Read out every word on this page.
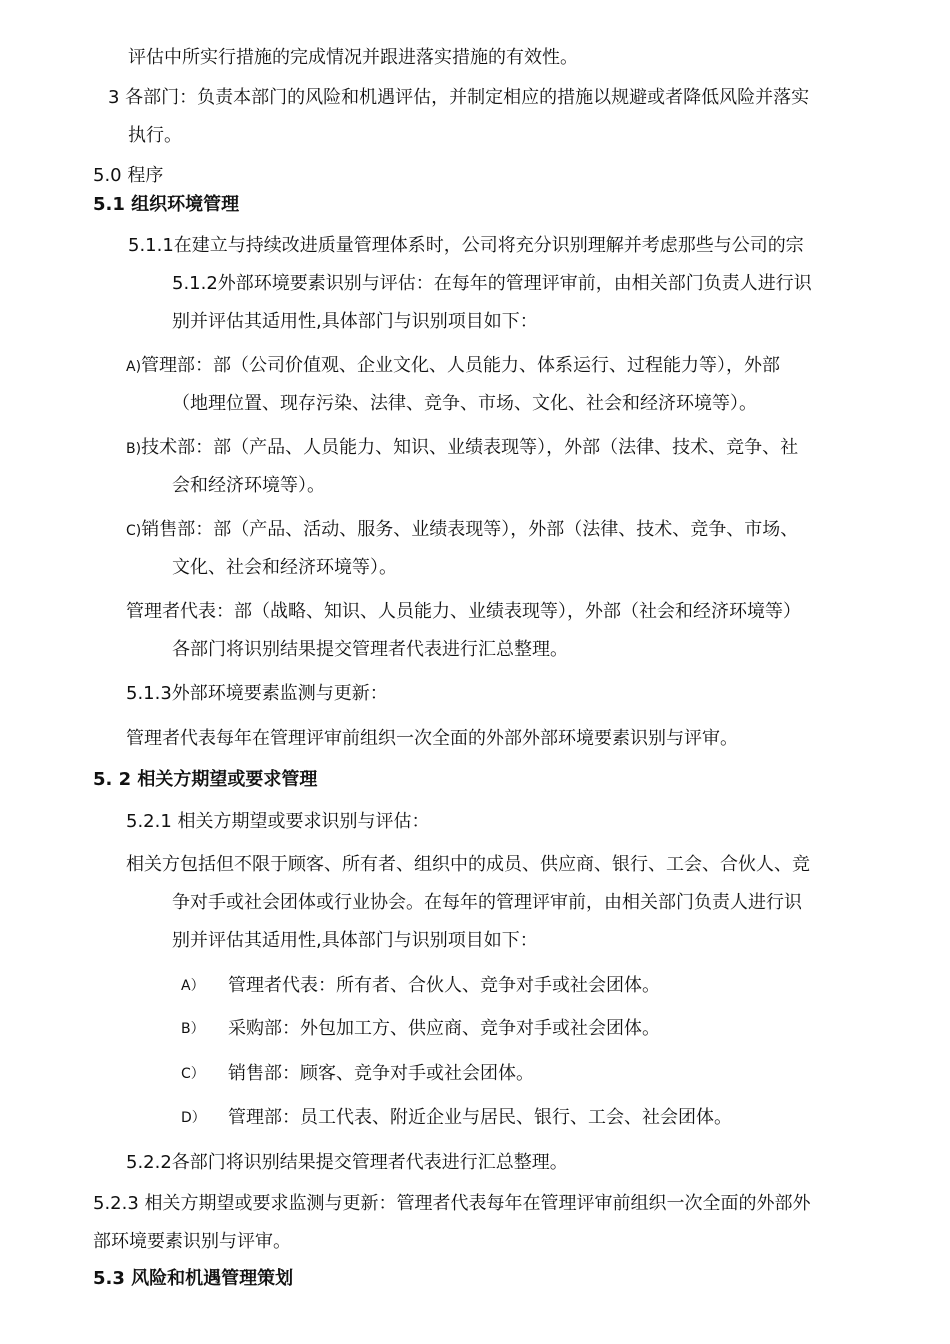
评估中所实行措施的完成情况并跟进落实措施的有效性。
3 各部门：负责本部门的风险和机遇评估，并制定相应的措施以规避或者降低风险并落实
执行。
5.0 程序
5.1 组织环境管理
5.1.1在建立与持续改进质量管理体系时，公司将充分识别理解并考虑那些与公司的宗
5.1.2外部环境要素识别与评估：在每年的管理评审前，由相关部门负责人进行识
别并评估其适用性,具体部门与识别项目如下：
A)管理部：部（公司价值观、企业文化、人员能力、体系运行、过程能力等），外部
（地理位置、现存污染、法律、竞争、市场、文化、社会和经济环境等）。
B)技术部：部（产品、人员能力、知识、业绩表现等），外部（法律、技术、竞争、社
会和经济环境等）。
C)销售部：部（产品、活动、服务、业绩表现等），外部（法律、技术、竞争、市场、
文化、社会和经济环境等）。
管理者代表：部（战略、知识、人员能力、业绩表现等），外部（社会和经济环境等）
各部门将识别结果提交管理者代表进行汇总整理。
5.1.3外部环境要素监测与更新：
管理者代表每年在管理评审前组织一次全面的外部外部环境要素识别与评审。
5. 2 相关方期望或要求管理
5.2.1 相关方期望或要求识别与评估：
相关方包括但不限于顾客、所有者、组织中的成员、供应商、银行、工会、合伙人、竞
争对手或社会团体或行业协会。在每年的管理评审前，由相关部门负责人进行识
别并评估其适用性,具体部门与识别项目如下：
A） 管理者代表：所有者、合伙人、竞争对手或社会团体。
B） 采购部：外包加工方、供应商、竞争对手或社会团体。
C） 销售部：顾客、竞争对手或社会团体。
D） 管理部：员工代表、附近企业与居民、银行、工会、社会团体。
5.2.2各部门将识别结果提交管理者代表进行汇总整理。
5.2.3 相关方期望或要求监测与更新：管理者代表每年在管理评审前组织一次全面的外部外
部环境要素识别与评审。
5.3 风险和机遇管理策划
